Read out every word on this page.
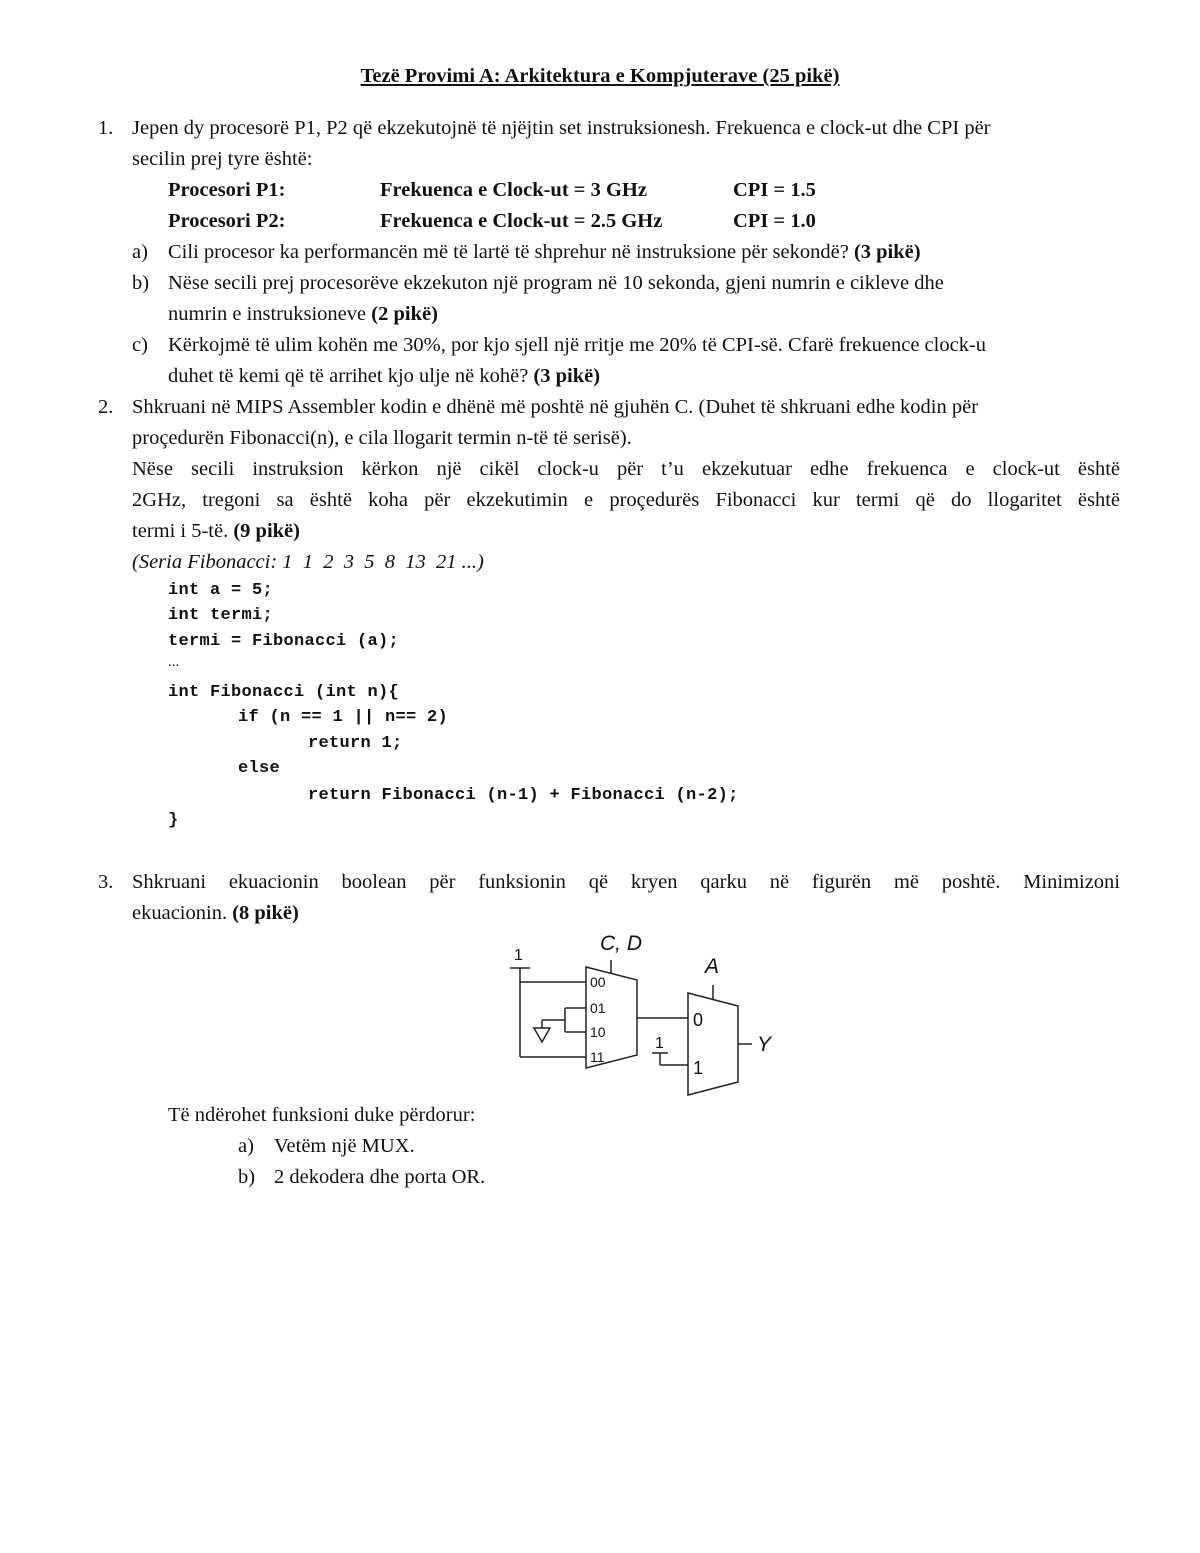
Tezë Provimi A: Arkitektura e Kompjuterave (25 pikë)
1. Jepen dy procesorë P1, P2 që ekzekutojnë të njëjtin set instruksionesh. Frekuenca e clock-ut dhe CPI për
secilin prej tyre është:
Procesori P1:	Frekuenca e Clock-ut = 3 GHz	CPI = 1.5
Procesori P2:	Frekuenca e Clock-ut = 2.5 GHz	CPI = 1.0
a) Cili procesor ka performancën më të lartë të shprehur në instruksione për sekondë? (3 pikë)
b) Nëse secili prej procesorëve ekzekuton një program në 10 sekonda, gjeni numrin e cikleve dhe
numrin e instruksioneve (2 pikë)
c) Kërkojmë të ulim kohën me 30%, por kjo sjell një rritje me 20% të CPI-së. Cfarë frekuence clock-u
duhet të kemi që të arrihet kjo ulje në kohë? (3 pikë)
2. Shkruani në MIPS Assembler kodin e dhënë më poshtë në gjuhën C. (Duhet të shkruani edhe kodin për
proçedurën Fibonacci(n), e cila llogarit termin n-të të serisë).
Nëse secili instruksion kërkon një cikël clock-u për t’u ekzekutuar edhe frekuenca e clock-ut është
2GHz, tregoni sa është koha për ekzekutimin e proçedurës Fibonacci kur termi që do llogaritet është
termi i 5-të. (9 pikë)
(Seria Fibonacci: 1  1  2  3  5  8  13  21 ...)
int a = 5;
int termi;
termi = Fibonacci (a);
...
int Fibonacci (int n){
if (n == 1 || n== 2)
return 1;
else
return Fibonacci (n-1) + Fibonacci (n-2);
}
3. Shkruani ekuacionin boolean për funksionin që kryen qarku në figurën më poshtë. Minimizoni
ekuacionin. (8 pikë)
C, D
A
1
1
00
01
10
11
0
1
Y
Të ndërohet funksioni duke përdorur:
a) Vetëm një MUX.
b) 2 dekodera dhe porta OR.
